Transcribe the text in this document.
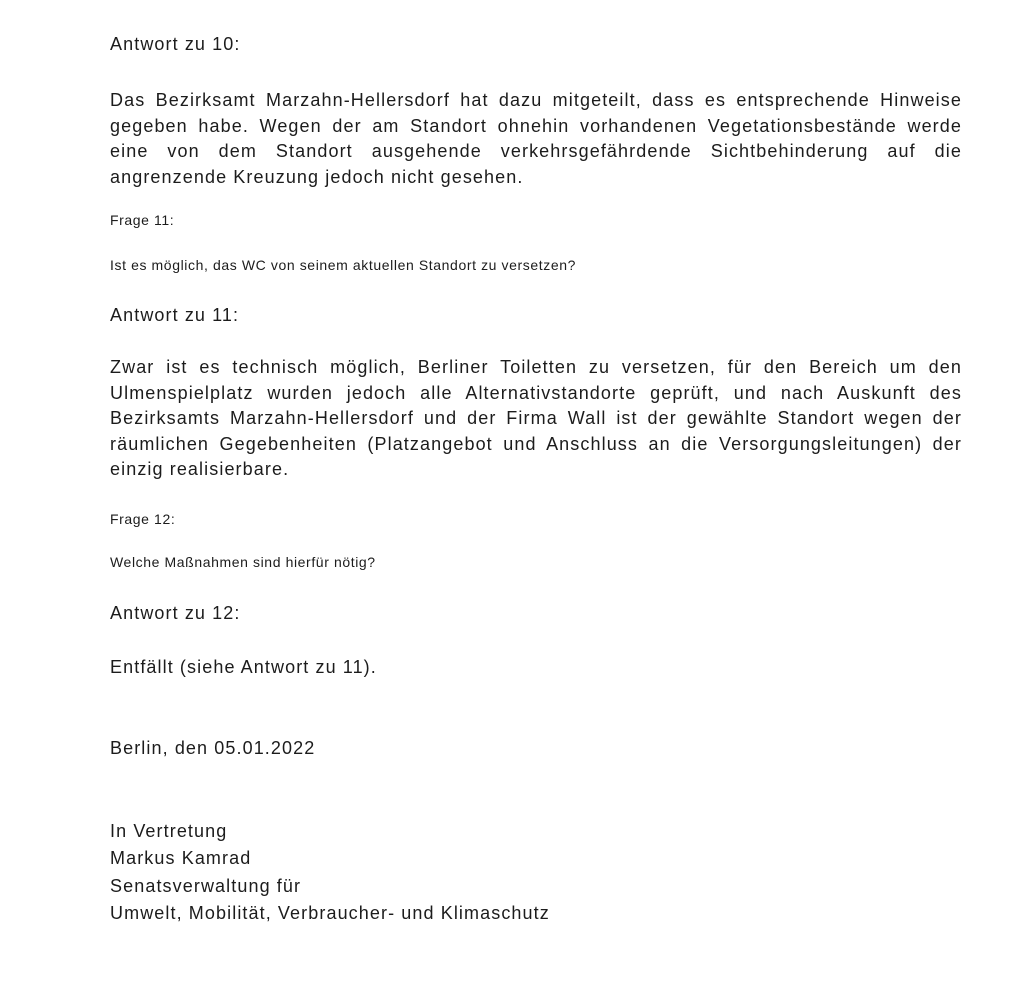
Antwort zu 10:

Das Bezirksamt Marzahn-Hellersdorf hat dazu mitgeteilt, dass es entsprechende Hinweise gegeben habe. Wegen der am Standort ohnehin vorhandenen Vegetationsbestände werde eine von dem Standort ausgehende verkehrsgefährdende Sichtbehinderung auf die angrenzende Kreuzung jedoch nicht gesehen.

Frage 11:

Ist es möglich, das WC von seinem aktuellen Standort zu versetzen?

Antwort zu 11:

Zwar ist es technisch möglich, Berliner Toiletten zu versetzen, für den Bereich um den Ulmenspielplatz wurden jedoch alle Alternativstandorte geprüft, und nach Auskunft des Bezirksamts Marzahn-Hellersdorf und der Firma Wall ist der gewählte Standort wegen der räumlichen Gegebenheiten (Platzangebot und Anschluss an die Versorgungsleitungen) der einzig realisierbare.

Frage 12:

Welche Maßnahmen sind hierfür nötig?

Antwort zu 12:

Entfällt (siehe Antwort zu 11).

Berlin, den 05.01.2022

In Vertretung

Markus Kamrad

Senatsverwaltung für

Umwelt, Mobilität, Verbraucher- und Klimaschutz
